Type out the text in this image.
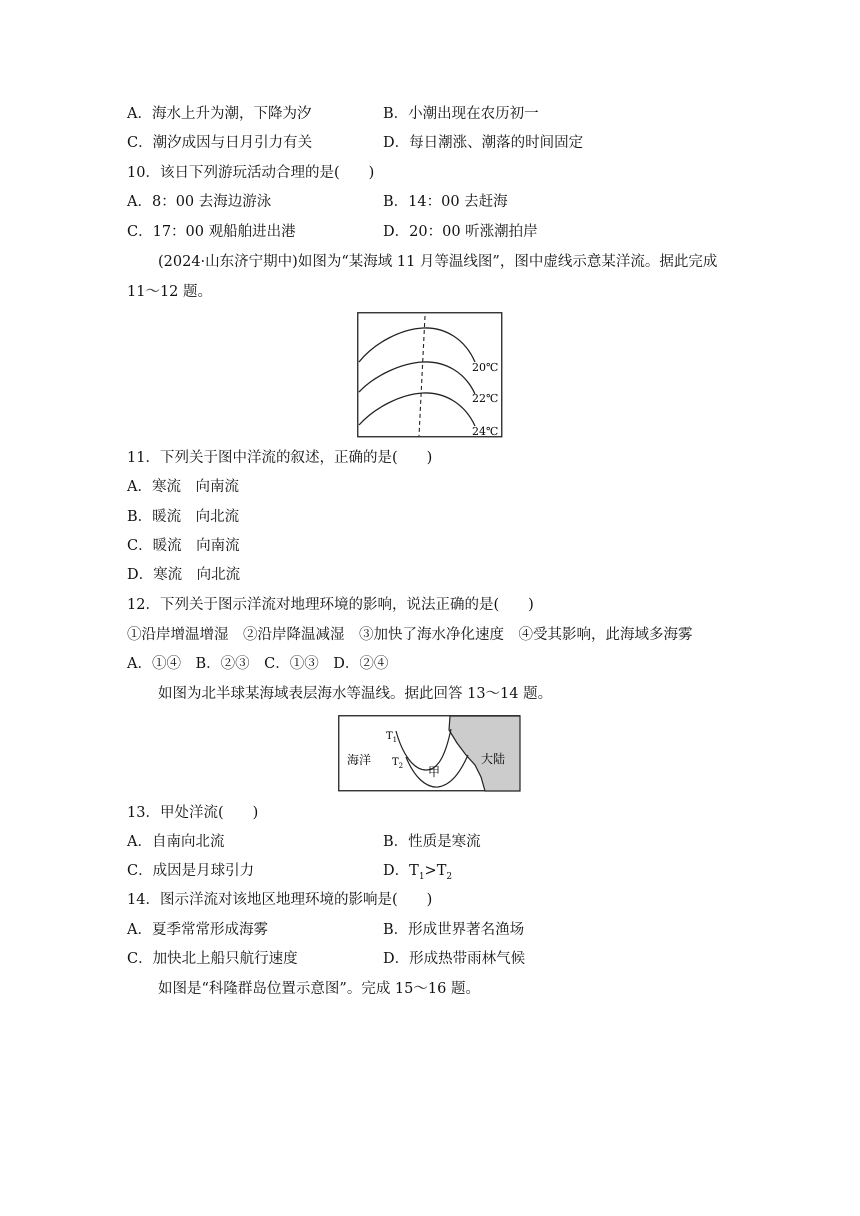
A．海水上升为潮，下降为汐	B．小潮出现在农历初一
C．潮汐成因与日月引力有关	D．每日潮涨、潮落的时间固定
10．该日下列游玩活动合理的是(　　)
A．8：00 去海边游泳	B．14：00 去赶海
C．17：00 观船舶进出港	D．20：00 听涨潮拍岸
(2024·山东济宁期中)如图为“某海域 11 月等温线图”，图中虚线示意某洋流。据此完成
11～12 题。
20℃
22℃
24℃
11．下列关于图中洋流的叙述，正确的是(　　)
A．寒流　向南流
B．暖流　向北流
C．暖流　向南流
D．寒流　向北流
12．下列关于图示洋流对地理环境的影响，说法正确的是(　　)
①沿岸增温增湿　②沿岸降温减湿　③加快了海水净化速度　④受其影响，此海域多海雾
A．①④　B．②③　C．①③　D．②④
如图为北半球某海域表层海水等温线。据此回答 13～14 题。
海洋	大陆
甲
$T_1$
$T_2$
13．甲处洋流(　　)
A．自南向北流	B．性质是寒流
C．成因是月球引力	D．$T_1>T_2$
14．图示洋流对该地区地理环境的影响是(　　)
A．夏季常常形成海雾	B．形成世界著名渔场
C．加快北上船只航行速度	D．形成热带雨林气候
如图是“科隆群岛位置示意图”。完成 15～16 题。
